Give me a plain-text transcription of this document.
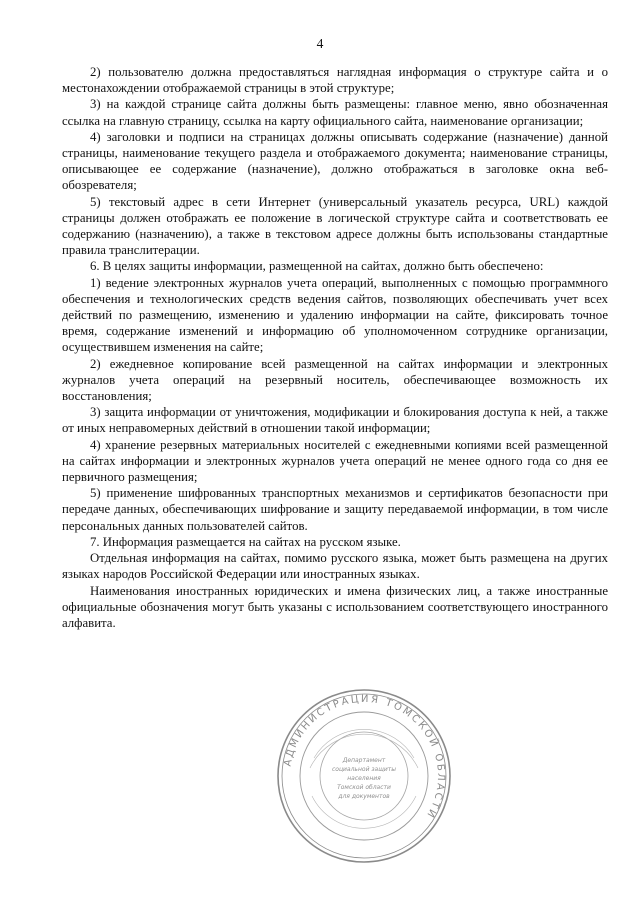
4

2) пользователю должна предоставляться наглядная информация о структуре сайта и о местонахождении отображаемой страницы в этой структуре;

3) на каждой странице сайта должны быть размещены: главное меню, явно обозначенная ссылка на главную страницу, ссылка на карту официального сайта, наименование организации;

4) заголовки и подписи на страницах должны описывать содержание (назначение) данной страницы, наименование текущего раздела и отображаемого документа; наименование страницы, описывающее ее содержание (назначение), должно отображаться в заголовке окна веб-обозревателя;

5) текстовый адрес в сети Интернет (универсальный указатель ресурса, URL) каждой страницы должен отображать ее положение в логической структуре сайта и соответствовать ее содержанию (назначению), а также в текстовом адресе должны быть использованы стандартные правила транслитерации.

6. В целях защиты информации, размещенной на сайтах, должно быть обеспечено:

1) ведение электронных журналов учета операций, выполненных с помощью программного обеспечения и технологических средств ведения сайтов, позволяющих обеспечивать учет всех действий по размещению, изменению и удалению информации на сайте, фиксировать точное время, содержание изменений и информацию об уполномоченном сотруднике организации, осуществившем изменения на сайте;

2) ежедневное копирование всей размещенной на сайтах информации и электронных журналов учета операций на резервный носитель, обеспечивающее возможность их восстановления;

3) защита информации от уничтожения, модификации и блокирования доступа к ней, а также от иных неправомерных действий в отношении такой информации;

4) хранение резервных материальных носителей с ежедневными копиями всей размещенной на сайтах информации и электронных журналов учета операций не менее одного года со дня ее первичного размещения;

5) применение шифрованных транспортных механизмов и сертификатов безопасности при передаче данных, обеспечивающих шифрование и защиту передаваемой информации, в том числе персональных данных пользователей сайтов.

7. Информация размещается на сайтах на русском языке.

Отдельная информация на сайтах, помимо русского языка, может быть размещена на других языках народов Российской Федерации или иностранных языках.

Наименования иностранных юридических и имена физических лиц, а также иностранные официальные обозначения могут быть указаны с использованием соответствующего иностранного алфавита.

АДМИНИСТРАЦИЯ ТОМСКОЙ ОБЛАСТИ
Департамент
социальной защиты
населения
Томской области
для документов
